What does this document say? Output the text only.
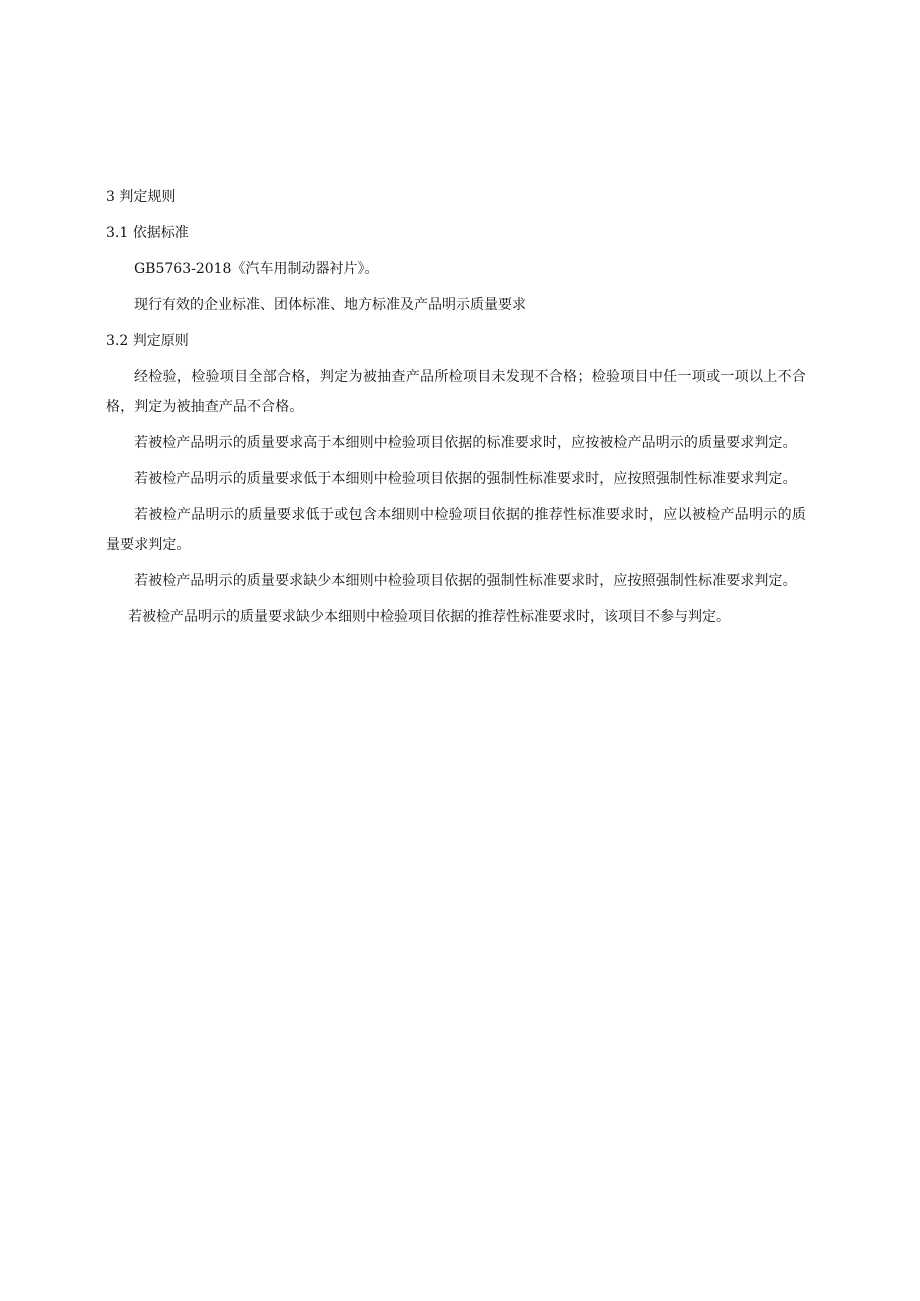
3 判定规则
3.1 依据标准
GB5763-2018《汽车用制动器衬片》。
现行有效的企业标准、团体标准、地方标准及产品明示质量要求
3.2 判定原则

经检验，检验项目全部合格，判定为被抽查产品所检项目未发现不合格；检验项目中任一项或一项以上不合格，判定为被抽查产品不合格。

若被检产品明示的质量要求高于本细则中检验项目依据的标准要求时，应按被检产品明示的质量要求判定。

若被检产品明示的质量要求低于本细则中检验项目依据的强制性标准要求时，应按照强制性标准要求判定。

若被检产品明示的质量要求低于或包含本细则中检验项目依据的推荐性标准要求时，应以被检产品明示的质量要求判定。

若被检产品明示的质量要求缺少本细则中检验项目依据的强制性标准要求时，应按照强制性标准要求判定。

若被检产品明示的质量要求缺少本细则中检验项目依据的推荐性标准要求时，该项目不参与判定。
